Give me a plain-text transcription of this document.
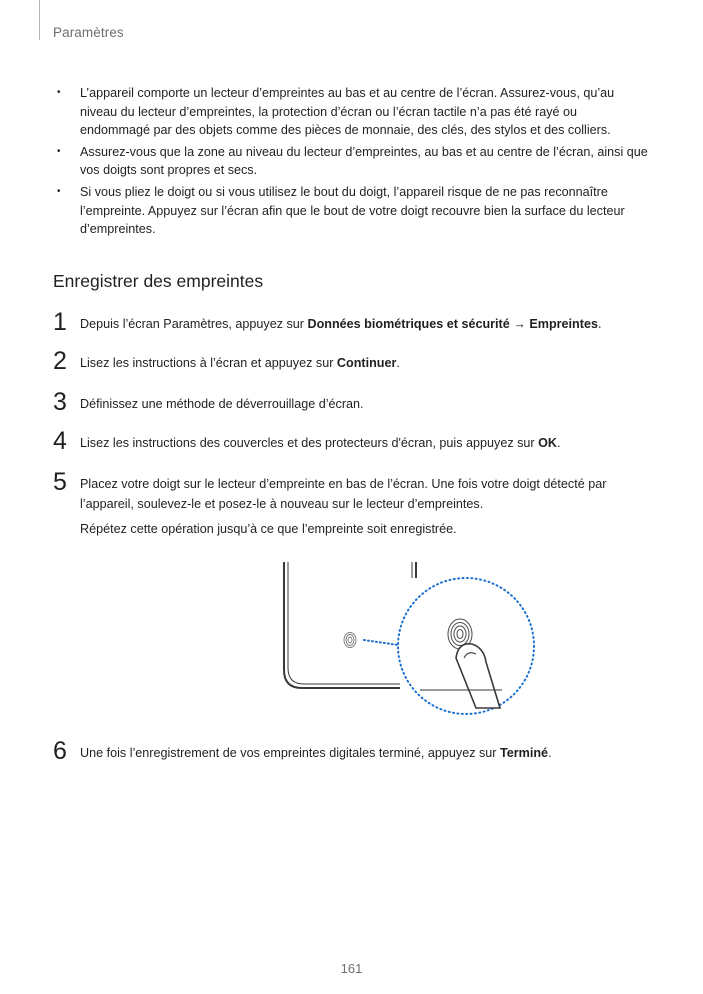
Paramètres
• L’appareil comporte un lecteur d’empreintes au bas et au centre de l’écran. Assurez-vous, qu’au niveau du lecteur d’empreintes, la protection d’écran ou l’écran tactile n’a pas été rayé ou endommagé par des objets comme des pièces de monnaie, des clés, des stylos et des colliers.
• Assurez-vous que la zone au niveau du lecteur d’empreintes, au bas et au centre de l’écran, ainsi que vos doigts sont propres et secs.
• Si vous pliez le doigt ou si vous utilisez le bout du doigt, l’appareil risque de ne pas reconnaître l’empreinte. Appuyez sur l’écran afin que le bout de votre doigt recouvre bien la surface du lecteur d’empreintes.
Enregistrer des empreintes
1 Depuis l’écran Paramètres, appuyez sur Données biométriques et sécurité → Empreintes.
2 Lisez les instructions à l’écran et appuyez sur Continuer.
3 Définissez une méthode de déverrouillage d’écran.
4 Lisez les instructions des couvercles et des protecteurs d'écran, puis appuyez sur OK.
5 Placez votre doigt sur le lecteur d’empreinte en bas de l’écran. Une fois votre doigt détecté par l’appareil, soulevez-le et posez-le à nouveau sur le lecteur d’empreintes.
Répétez cette opération jusqu’à ce que l’empreinte soit enregistrée.
6 Une fois l’enregistrement de vos empreintes digitales terminé, appuyez sur Terminé.
161
